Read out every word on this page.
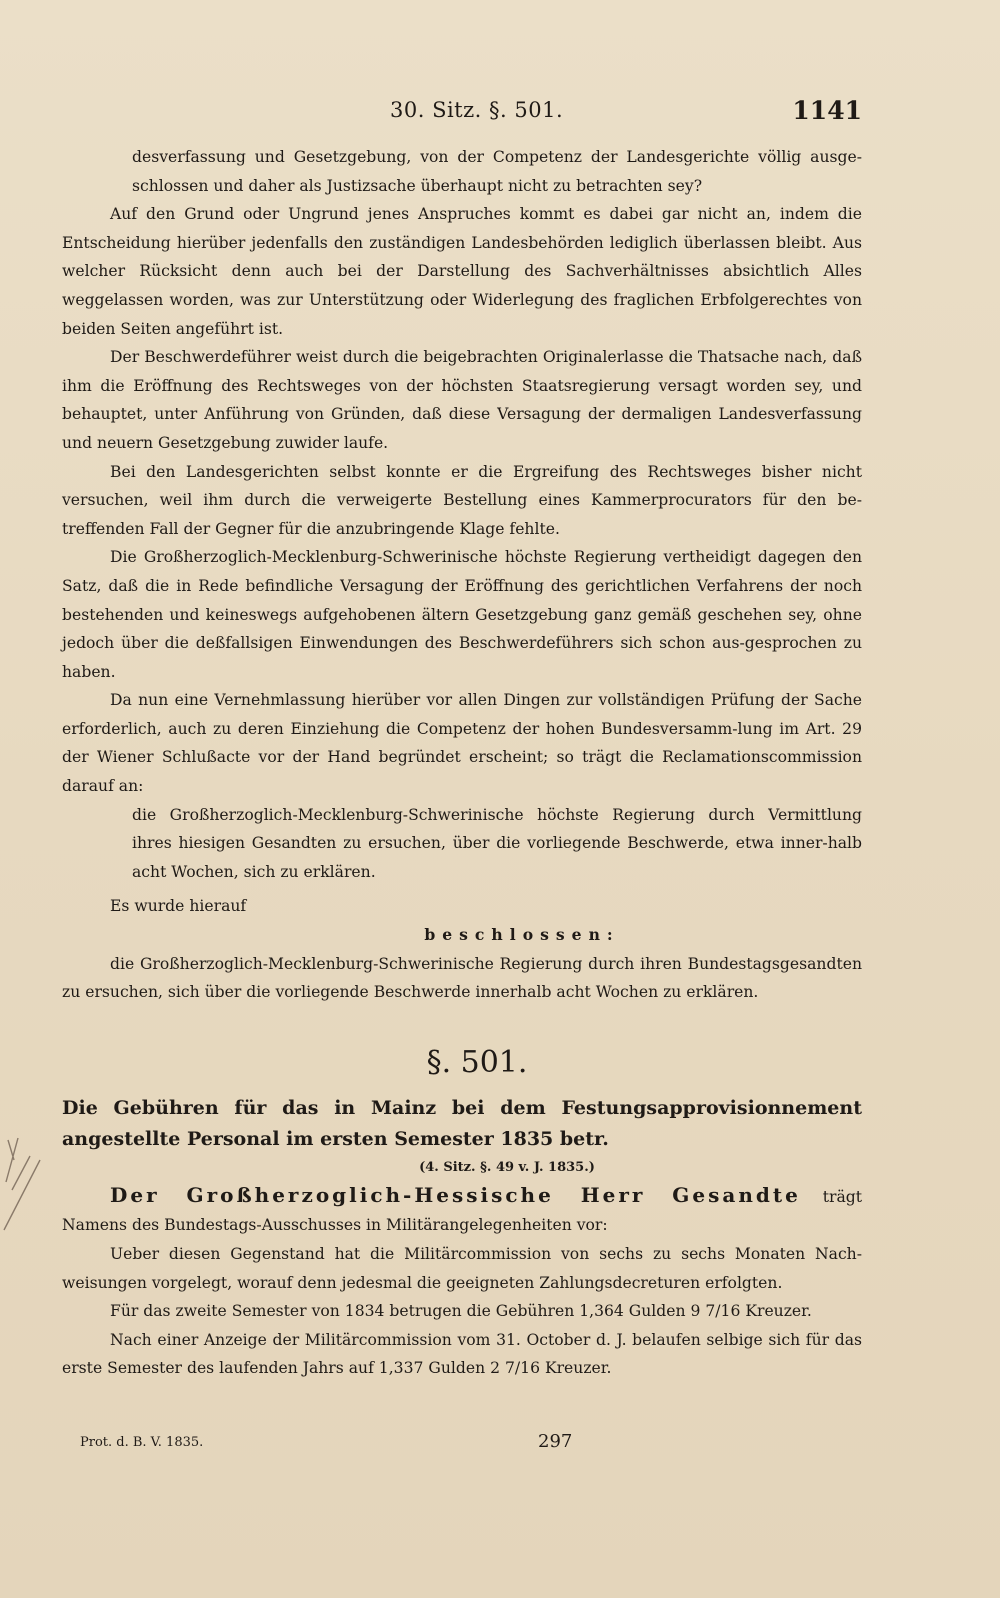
30. Sitz. §. 501.	1141

desverfassung und Gesetzgebung, von der Competenz der Landesgerichte völlig ausge-schlossen und daher als Justizsache überhaupt nicht zu betrachten sey?

Auf den Grund oder Ungrund jenes Anspruches kommt es dabei gar nicht an, indem die Entscheidung hierüber jedenfalls den zuständigen Landesbehörden lediglich überlassen bleibt. Aus welcher Rücksicht denn auch bei der Darstellung des Sachverhältnisses absichtlich Alles weggelassen worden, was zur Unterstützung oder Widerlegung des fraglichen Erbfolgerechtes von beiden Seiten angeführt ist.

Der Beschwerdeführer weist durch die beigebrachten Originalerlasse die Thatsache nach, daß ihm die Eröffnung des Rechtsweges von der höchsten Staatsregierung versagt worden sey, und behauptet, unter Anführung von Gründen, daß diese Versagung der dermaligen Landesverfassung und neuern Gesetzgebung zuwider laufe.

Bei den Landesgerichten selbst konnte er die Ergreifung des Rechtsweges bisher nicht versuchen, weil ihm durch die verweigerte Bestellung eines Kammerprocurators für den be-treffenden Fall der Gegner für die anzubringende Klage fehlte.

Die Großherzoglich-Mecklenburg-Schwerinische höchste Regierung vertheidigt dagegen den Satz, daß die in Rede befindliche Versagung der Eröffnung des gerichtlichen Verfahrens der noch bestehenden und keineswegs aufgehobenen ältern Gesetzgebung ganz gemäß geschehen sey, ohne jedoch über die deßfallsigen Einwendungen des Beschwerdeführers sich schon aus-gesprochen zu haben.

Da nun eine Vernehmlassung hierüber vor allen Dingen zur vollständigen Prüfung der Sache erforderlich, auch zu deren Einziehung die Competenz der hohen Bundesversamm-lung im Art. 29 der Wiener Schlußacte vor der Hand begründet erscheint; so trägt die Reclamationscommission darauf an:

die Großherzoglich-Mecklenburg-Schwerinische höchste Regierung durch Vermittlung ihres hiesigen Gesandten zu ersuchen, über die vorliegende Beschwerde, etwa inner-halb acht Wochen, sich zu erklären.

Es wurde hierauf

beschlossen:

die Großherzoglich-Mecklenburg-Schwerinische Regierung durch ihren Bundestagsgesandten zu ersuchen, sich über die vorliegende Beschwerde innerhalb acht Wochen zu erklären.

§. 501.

Die Gebühren für das in Mainz bei dem Festungsapprovisionnement angestellte Personal im ersten Semester 1835 betr.

(4. Sitz. §. 49 v. J. 1835.)

Der Großherzoglich-Hessische Herr Gesandte trägt Namens des Bundestags-Ausschusses in Militärangelegenheiten vor:

Ueber diesen Gegenstand hat die Militärcommission von sechs zu sechs Monaten Nach-weisungen vorgelegt, worauf denn jedesmal die geeigneten Zahlungsdecreturen erfolgten.

Für das zweite Semester von 1834 betrugen die Gebühren 1,364 Gulden 9 7/16 Kreuzer.

Nach einer Anzeige der Militärcommission vom 31. October d. J. belaufen selbige sich für das erste Semester des laufenden Jahrs auf 1,337 Gulden 2 7/16 Kreuzer.

Prot. d. B. V. 1835.	297
